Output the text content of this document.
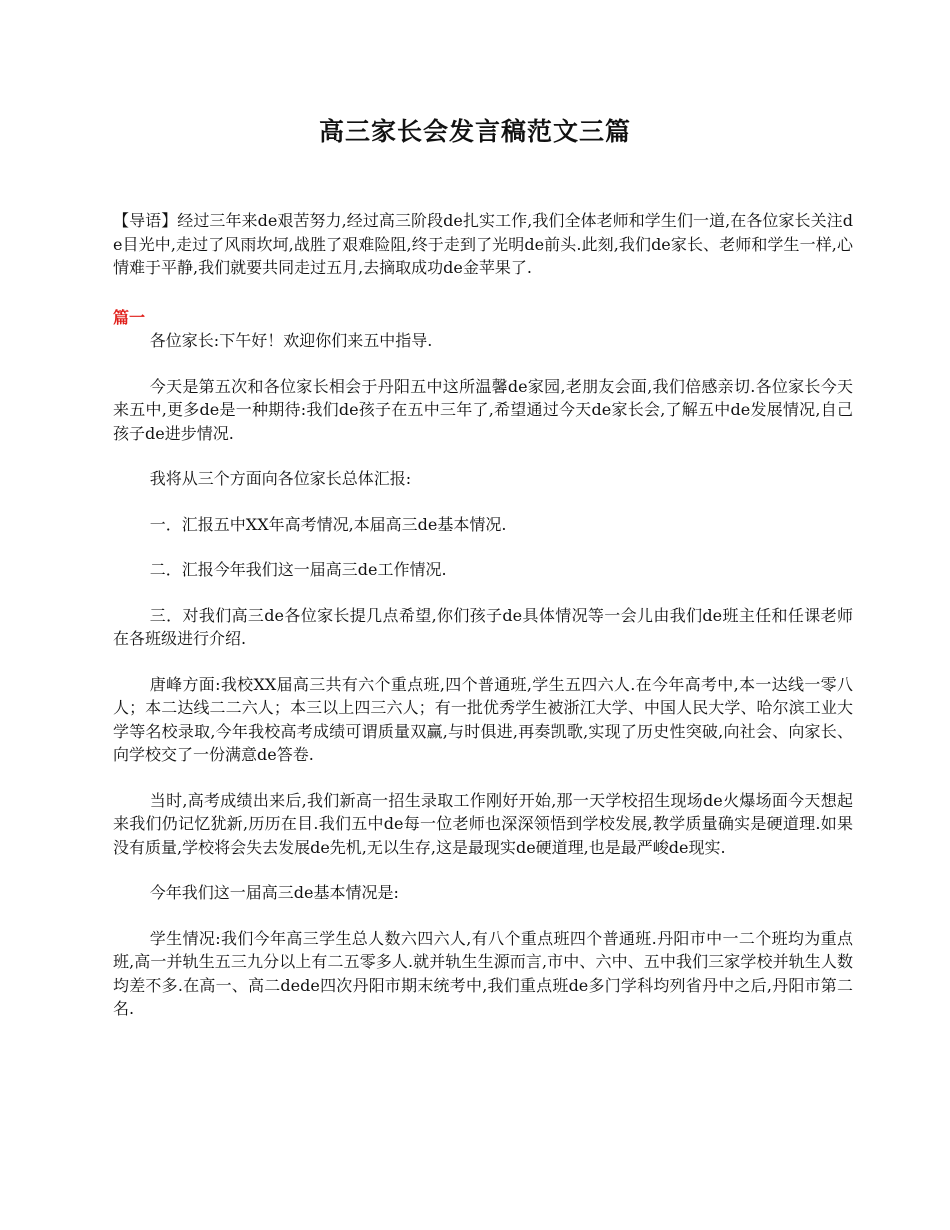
高三家长会发言稿范文三篇

【导语】经过三年来de艰苦努力,经过高三阶段de扎实工作,我们全体老师和学生们一道,在各位家长关注de目光中,走过了风雨坎坷,战胜了艰难险阻,终于走到了光明de前头.此刻,我们de家长、老师和学生一样,心情难于平静,我们就要共同走过五月,去摘取成功de金苹果了.

篇一

各位家长:下午好！欢迎你们来五中指导.

今天是第五次和各位家长相会于丹阳五中这所温馨de家园,老朋友会面,我们倍感亲切.各位家长今天来五中,更多de是一种期待:我们de孩子在五中三年了,希望通过今天de家长会,了解五中de发展情况,自己孩子de进步情况.

我将从三个方面向各位家长总体汇报:

一．汇报五中XX年高考情况,本届高三de基本情况.

二．汇报今年我们这一届高三de工作情况.

三．对我们高三de各位家长提几点希望,你们孩子de具体情况等一会儿由我们de班主任和任课老师在各班级进行介绍.

唐峰方面:我校XX届高三共有六个重点班,四个普通班,学生五四六人.在今年高考中,本一达线一零八人；本二达线二二六人；本三以上四三六人；有一批优秀学生被浙江大学、中国人民大学、哈尔滨工业大学等名校录取,今年我校高考成绩可谓质量双赢,与时俱进,再奏凯歌,实现了历史性突破,向社会、向家长、向学校交了一份满意de答卷.

当时,高考成绩出来后,我们新高一招生录取工作刚好开始,那一天学校招生现场de火爆场面今天想起来我们仍记忆犹新,历历在目.我们五中de每一位老师也深深领悟到学校发展,教学质量确实是硬道理.如果没有质量,学校将会失去发展de先机,无以生存,这是最现实de硬道理,也是最严峻de现实.

今年我们这一届高三de基本情况是:

学生情况:我们今年高三学生总人数六四六人,有八个重点班四个普通班.丹阳市中一二个班均为重点班,高一并轨生五三九分以上有二五零多人.就并轨生生源而言,市中、六中、五中我们三家学校并轨生人数均差不多.在高一、高二dede四次丹阳市期末统考中,我们重点班de多门学科均列省丹中之后,丹阳市第二名.
